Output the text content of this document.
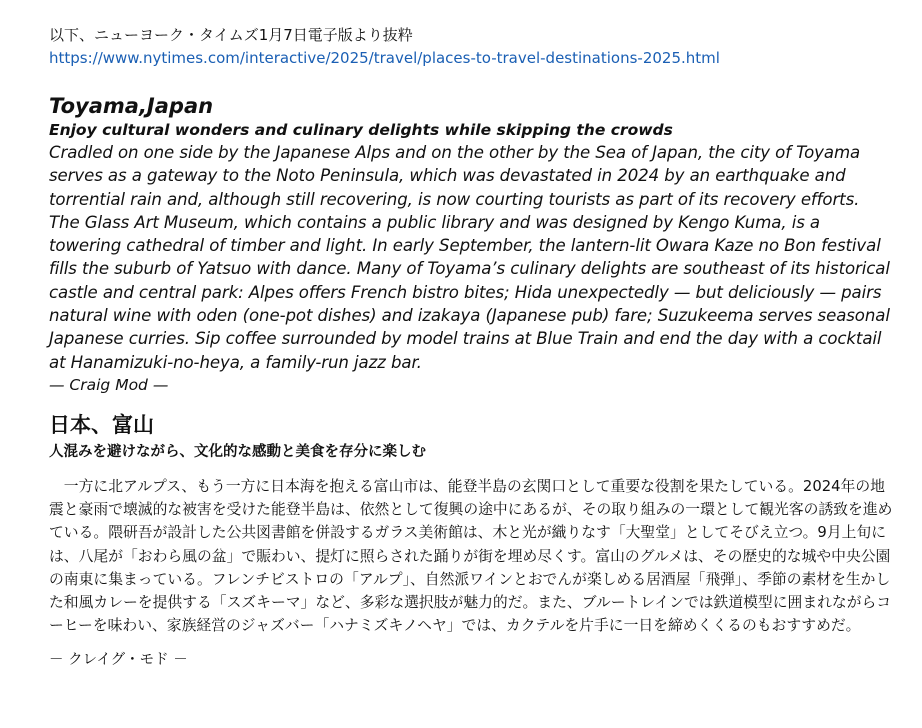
以下、ニューヨーク・タイムズ1月7日電子版より抜粋

https://www.nytimes.com/interactive/2025/travel/places-to-travel-destinations-2025.html
Toyama,Japan
Enjoy cultural wonders and culinary delights while skipping the crowds

Cradled on one side by the Japanese Alps and on the other by the Sea of Japan, the city of Toyama serves as a gateway to the Noto Peninsula, which was devastated in 2024 by an earthquake and torrential rain and, although still recovering, is now courting tourists as part of its recovery efforts. The Glass Art Museum, which contains a public library and was designed by Kengo Kuma, is a towering cathedral of timber and light. In early September, the lantern-lit Owara Kaze no Bon festival fills the suburb of Yatsuo with dance. Many of Toyama’s culinary delights are southeast of its historical castle and central park: Alpes offers French bistro bites; Hida unexpectedly — but deliciously — pairs natural wine with oden (one-pot dishes) and izakaya (Japanese pub) fare; Suzukeema serves seasonal Japanese curries. Sip coffee surrounded by model trains at Blue Train and end the day with a cocktail at Hanamizuki-no-heya, a family-run jazz bar.

— Craig Mod —

日本、富山
人混みを避けながら、文化的な感動と美食を存分に楽しむ

一方に北アルプス、もう一方に日本海を抱える富山市は、能登半島の玄関口として重要な役割を果たしている。2024年の地震と豪雨で壊滅的な被害を受けた能登半島は、依然として復興の途中にあるが、その取り組みの一環として観光客の誘致を進めている。隈研吾が設計した公共図書館を併設するガラス美術館は、木と光が織りなす「大聖堂」としてそびえ立つ。9月上旬には、八尾が「おわら風の盆」で賑わい、提灯に照らされた踊りが街を埋め尽くす。富山のグルメは、その歴史的な城や中央公園の南東に集まっている。フレンチビストロの「アルプ」、自然派ワインとおでんが楽しめる居酒屋「飛弾」、季節の素材を生かした和風カレーを提供する「スズキーマ」など、多彩な選択肢が魅力的だ。また、ブルートレインでは鉄道模型に囲まれながらコーヒーを味わい、家族経営のジャズバー「ハナミズキノヘヤ」では、カクテルを片手に一日を締めくくるのもおすすめだ。

－ クレイグ・モド －
